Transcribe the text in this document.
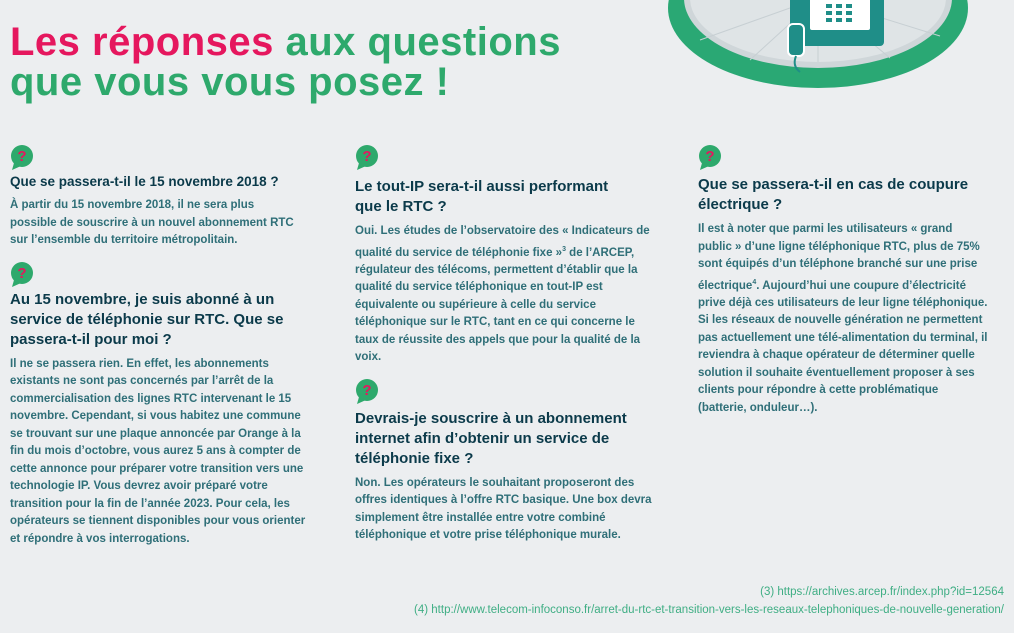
Les réponses aux questions
que vous vous posez !
?
Que se passera-t-il le 15 novembre 2018 ?

À partir du 15 novembre 2018, il ne sera plus possible de souscrire à un nouvel abonnement RTC sur l’ensemble du territoire métropolitain.

?
Au 15 novembre, je suis abonné à un service de téléphonie sur RTC. Que se passera-t-il pour moi ?

Il ne se passera rien. En effet, les abonnements existants ne sont pas concernés par l’arrêt de la commercialisation des lignes RTC intervenant le 15 novembre. Cependant, si vous habitez une commune se trouvant sur une plaque annoncée par Orange à la fin du mois d’octobre, vous aurez 5 ans à compter de cette annonce pour préparer votre transition vers une technologie IP. Vous devrez avoir préparé votre transition pour la fin de l’année 2023. Pour cela, les opérateurs se tiennent disponibles pour vous orienter et répondre à vos interrogations.

?
Le tout-IP sera-t-il aussi performant que le RTC ?

Oui. Les études de l’observatoire des « Indicateurs de qualité du service de téléphonie fixe »$^3$ de l’ARCEP, régulateur des télécoms, permettent d’établir que la qualité du service téléphonique en tout-IP est équivalente ou supérieure à celle du service téléphonique sur le RTC, tant en ce qui concerne le taux de réussite des appels que pour la qualité de la voix.

?
Devrais-je souscrire à un abonnement internet afin d’obtenir un service de téléphonie fixe ?

Non. Les opérateurs le souhaitant proposeront des offres identiques à l’offre RTC basique. Une box devra simplement être installée entre votre combiné téléphonique et votre prise téléphonique murale.

?
Que se passera-t-il en cas de coupure électrique ?

Il est à noter que parmi les utilisateurs « grand public » d’une ligne téléphonique RTC, plus de 75% sont équipés d’un téléphone branché sur une prise électrique$^4$. Aujourd’hui une coupure d’électricité prive déjà ces utilisateurs de leur ligne téléphonique. Si les réseaux de nouvelle génération ne permettent pas actuellement une télé-alimentation du terminal, il reviendra à chaque opérateur de déterminer quelle solution il souhaite éventuellement proposer à ses clients pour répondre à cette problématique (batterie, onduleur…).

(3) https://archives.arcep.fr/index.php?id=12564
(4) http://www.telecom-infoconso.fr/arret-du-rtc-et-transition-vers-les-reseaux-telephoniques-de-nouvelle-generation/
